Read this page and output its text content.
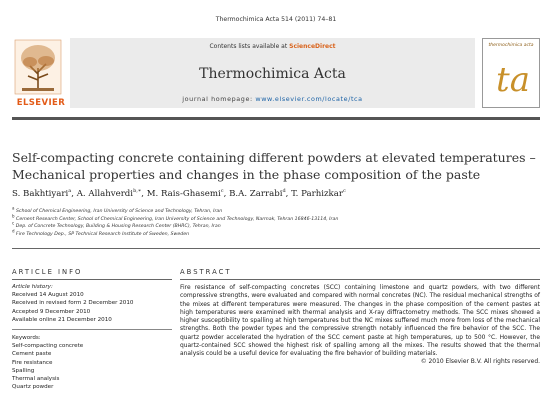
Thermochimica Acta 514 (2011) 74–81
ELSEVIER
Contents lists available at ScienceDirect
Thermochimica Acta
journal homepage: www.elsevier.com/locate/tca
thermochimica acta
ta
Self-compacting concrete containing different powders at elevated temperatures – Mechanical properties and changes in the phase composition of the paste
S. Bakhtiyari$^a$, A. Allahverdi$^{b,∗}$, M. Rais-Ghasemi$^c$, B.A. Zarrabi$^d$, T. Parhizkar$^c$
$^a$ School of Chemical Engineering, Iran University of Science and Technology, Tehran, Iran
$^b$ Cement Research Center, School of Chemical Engineering, Iran University of Science and Technology, Narmak, Tehran 16846-13114, Iran
$^c$ Dep. of Concrete Technology, Building & Housing Research Center (BHRC), Tehran, Iran
$^d$ Fire Technology Dep., SP Technical Research Institute of Sweden, Sweden
ARTICLE INFO	ABSTRACT
Article history:
Received 14 August 2010
Received in revised form 2 December 2010
Accepted 9 December 2010
Available online 21 December 2010
Keywords:
Self-compacting concrete
Cement paste
Fire resistance
Spalling
Thermal analysis
Quartz powder
Fire resistance of self-compacting concretes (SCC) containing limestone and quartz powders, with two different compressive strengths, were evaluated and compared with normal concretes (NC). The residual mechanical strengths of the mixes at different temperatures were measured. The changes in the phase composition of the cement pastes at high temperatures were examined with thermal analysis and X-ray diffractometry methods. The SCC mixes showed a higher susceptibility to spalling at high temperatures but the NC mixes suffered much more from loss of the mechanical strengths. Both the powder types and the compressive strength notably influenced the fire behavior of the SCC. The quartz powder accelerated the hydration of the SCC cement paste at high temperatures, up to 500 °C. However, the quartz-contained SCC showed the highest risk of spalling among all the mixes. The results showed that the thermal analysis could be a useful device for evaluating the fire behavior of building materials.
© 2010 Elsevier B.V. All rights reserved.
